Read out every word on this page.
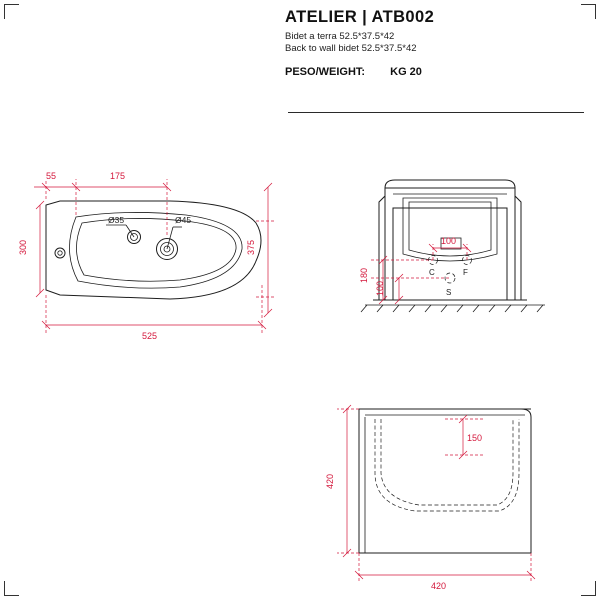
ATELIER | ATB002

Bidet a terra 52.5*37.5*42

Back to wall bidet 52.5*37.5*42

PESO/WEIGHT: KG 20
Ø35	Ø45
55	175
300	375
525
C	F
S
100
180
100
150
420
420
